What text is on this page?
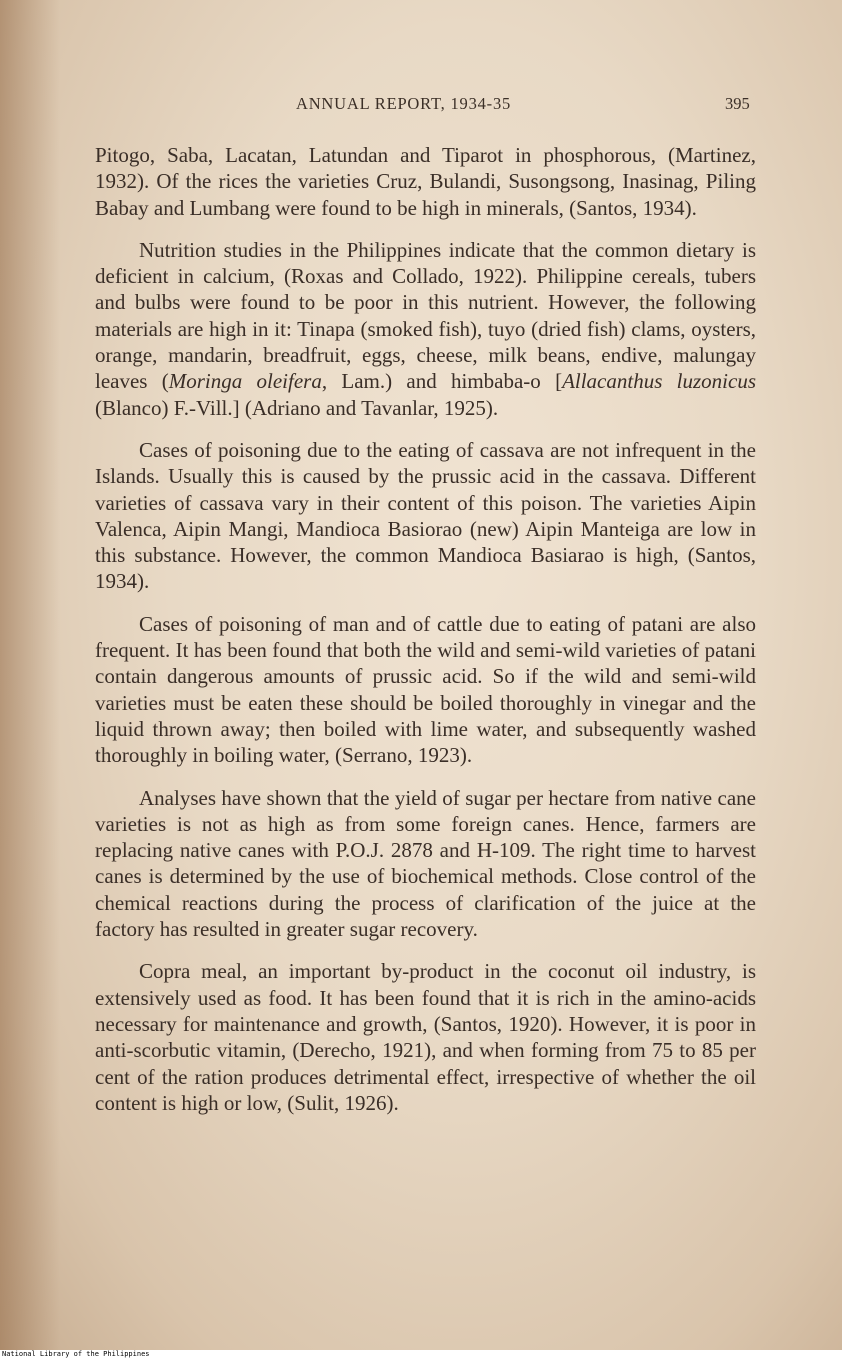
ANNUAL REPORT, 1934-35	395

Pitogo, Saba, Lacatan, Latundan and Tiparot in phosphorous, (Martinez, 1932). Of the rices the varieties Cruz, Bulandi, Susongsong, Inasinag, Piling Babay and Lumbang were found to be high in minerals, (Santos, 1934).

Nutrition studies in the Philippines indicate that the common dietary is deficient in calcium, (Roxas and Collado, 1922). Philippine cereals, tubers and bulbs were found to be poor in this nutrient. However, the following materials are high in it: Tinapa (smoked fish), tuyo (dried fish) clams, oysters, orange, mandarin, breadfruit, eggs, cheese, milk beans, endive, malungay leaves (Moringa oleifera, Lam.) and himbaba-o [Allacanthus luzonicus (Blanco) F.-Vill.] (Adriano and Tavanlar, 1925).

Cases of poisoning due to the eating of cassava are not infrequent in the Islands. Usually this is caused by the prussic acid in the cassava. Different varieties of cassava vary in their content of this poison. The varieties Aipin Valenca, Aipin Mangi, Mandioca Basiorao (new) Aipin Manteiga are low in this substance. However, the common Mandioca Basiarao is high, (Santos, 1934).

Cases of poisoning of man and of cattle due to eating of patani are also frequent. It has been found that both the wild and semi-wild varieties of patani contain dangerous amounts of prussic acid. So if the wild and semi-wild varieties must be eaten these should be boiled thoroughly in vinegar and the liquid thrown away; then boiled with lime water, and subsequently washed thoroughly in boiling water, (Serrano, 1923).

Analyses have shown that the yield of sugar per hectare from native cane varieties is not as high as from some foreign canes. Hence, farmers are replacing native canes with P.O.J. 2878 and H-109. The right time to harvest canes is determined by the use of biochemical methods. Close control of the chemical reactions during the process of clarification of the juice at the factory has resulted in greater sugar recovery.

Copra meal, an important by-product in the coconut oil industry, is extensively used as food. It has been found that it is rich in the amino-acids necessary for maintenance and growth, (Santos, 1920). However, it is poor in anti-scorbutic vitamin, (Derecho, 1921), and when forming from 75 to 85 per cent of the ration produces detrimental effect, irrespective of whether the oil content is high or low, (Sulit, 1926).

National Library of the Philippines
